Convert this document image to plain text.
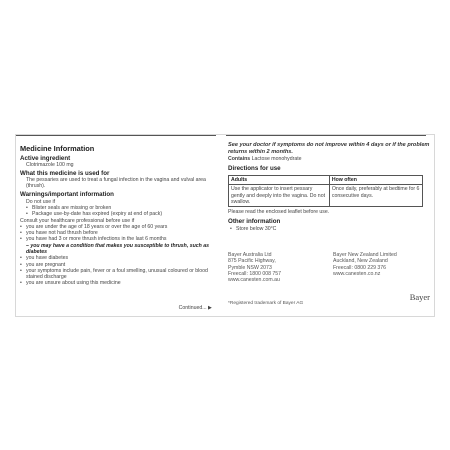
Medicine Information
Active ingredient
Clotrimazole 100 mg
What this medicine is used for
The pessaries are used to treat a fungal infection in the vagina and vulval area (thrush).
Warnings/important information
Do not use if
• Blister seals are missing or broken
• Package use-by-date has expired (expiry at end of pack)
Consult your healthcare professional before use if
• you are under the age of 18 years or over the age of 60 years
• you have not had thrush before
• you have had 3 or more thrush infections in the last 6 months
– you may have a condition that makes you susceptible to thrush, such as diabetes
• you have diabetes
• you are pregnant
• your symptoms include pain, fever or a foul smelling, unusual coloured or blood stained discharge
• you are unsure about using this medicine
Continued... ▶
See your doctor if symptoms do not improve within 4 days or if the problem returns within 2 months.
Contains Lactose monohydrate
Directions for use
Adults	How often
Use the applicator to insert pessary gently and deeply into the vagina. Do not swallow.	Once daily, preferably at bedtime for 6 consecutive days.
Please read the enclosed leaflet before use.
Other information
• Store below 30°C
Bayer Australia Ltd
875 Pacific Highway,
Pymble NSW 2073
Freecall: 1800 008 757
www.canesten.com.au
Bayer New Zealand Limited
Auckland, New Zealand
Freecall: 0800 229 376
www.canesten.co.nz
*Registered trademark of Bayer AG
Bayer
